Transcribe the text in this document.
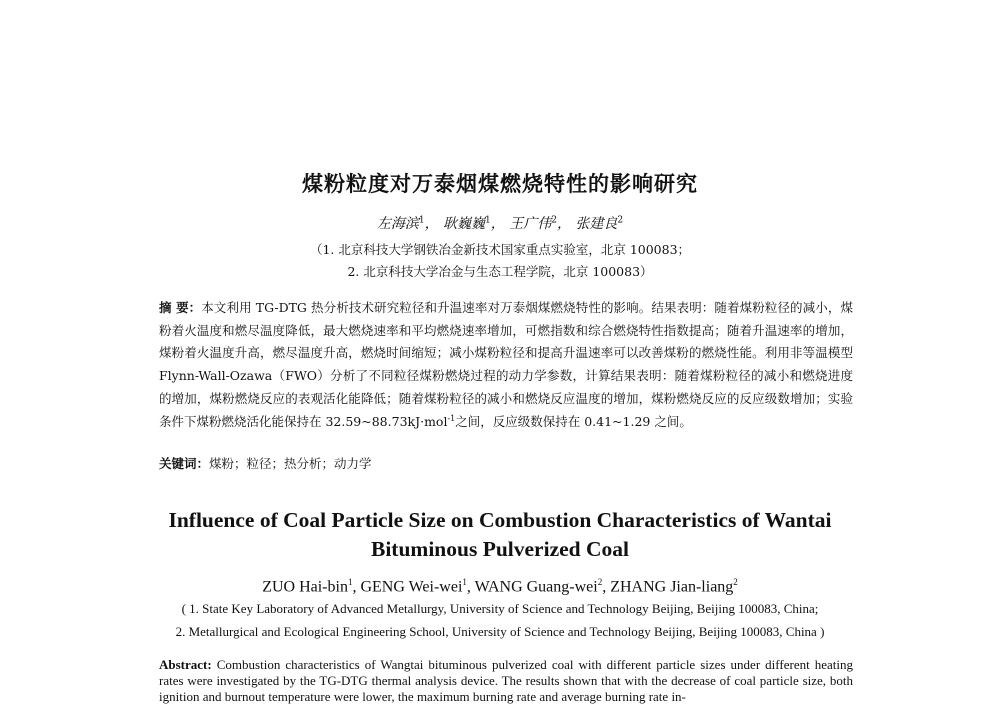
煤粉粒度对万泰烟煤燃烧特性的影响研究
左海滨$^1$， 耿巍巍$^1$， 王广伟$^2$， 张建良$^2$
（1. 北京科技大学钢铁冶金新技术国家重点实验室，北京 100083；
2. 北京科技大学冶金与生态工程学院，北京 100083）
摘 要：本文利用 TG-DTG 热分析技术研究粒径和升温速率对万泰烟煤燃烧特性的影响。结果表明：随着煤粉粒径的减小，煤粉着火温度和燃尽温度降低，最大燃烧速率和平均燃烧速率增加，可燃指数和综合燃烧特性指数提高；随着升温速率的增加，煤粉着火温度升高，燃尽温度升高，燃烧时间缩短；减小煤粉粒径和提高升温速率可以改善煤粉的燃烧性能。利用非等温模型 Flynn-Wall-Ozawa（FWO）分析了不同粒径煤粉燃烧过程的动力学参数，计算结果表明：随着煤粉粒径的减小和燃烧进度的增加，煤粉燃烧反应的表观活化能降低；随着煤粉粒径的减小和燃烧反应温度的增加，煤粉燃烧反应的反应级数增加；实验条件下煤粉燃烧活化能保持在 32.59~88.73kJ·mol$^{-1}$之间，反应级数保持在 0.41~1.29 之间。
关键词：煤粉；粒径；热分析；动力学
Influence of Coal Particle Size on Combustion Characteristics of Wantai
Bituminous Pulverized Coal
ZUO Hai-bin$^1$, GENG Wei-wei$^1$, WANG Guang-wei$^2$, ZHANG Jian-liang$^2$
( 1. State Key Laboratory of Advanced Metallurgy, University of Science and Technology Beijing, Beijing 100083, China;
2. Metallurgical and Ecological Engineering School, University of Science and Technology Beijing, Beijing 100083, China )
Abstract: Combustion characteristics of Wangtai bituminous pulverized coal with different particle sizes under different heating rates were investigated by the TG-DTG thermal analysis device. The results shown that with the decrease of coal particle size, both ignition and burnout temperature were lower, the maximum burning rate and average burning rate in-
